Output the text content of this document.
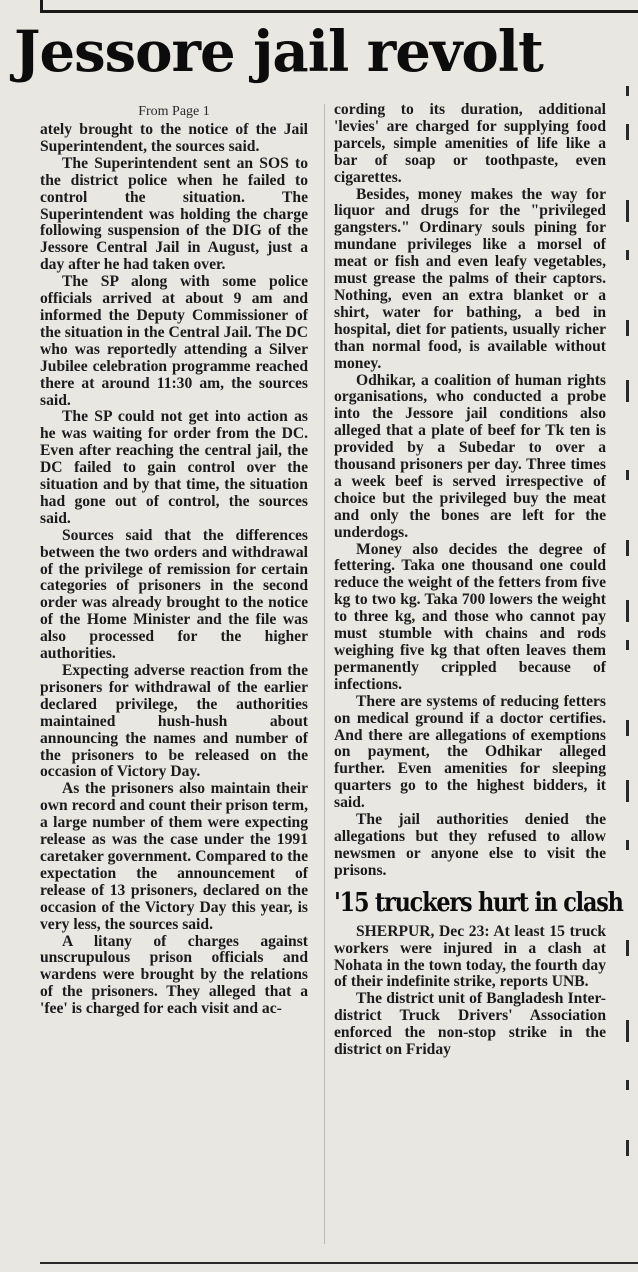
Jessore jail revolt
From Page 1

ately brought to the notice of the Jail Superintendent, the sources said.

The Superintendent sent an SOS to the district police when he failed to control the situation. The Superintendent was holding the charge following suspension of the DIG of the Jessore Central Jail in August, just a day after he had taken over.

The SP along with some police officials arrived at about 9 am and informed the Deputy Commissioner of the situation in the Central Jail. The DC who was reportedly attending a Silver Jubilee celebration programme reached there at around 11:30 am, the sources said.

The SP could not get into action as he was waiting for order from the DC. Even after reaching the central jail, the DC failed to gain control over the situation and by that time, the situation had gone out of control, the sources said.

Sources said that the differences between the two orders and withdrawal of the privilege of remission for certain categories of prisoners in the second order was already brought to the notice of the Home Minister and the file was also processed for the higher authorities.

Expecting adverse reaction from the prisoners for withdrawal of the earlier declared privilege, the authorities maintained hush-hush about announcing the names and number of the prisoners to be released on the occasion of Victory Day.

As the prisoners also maintain their own record and count their prison term, a large number of them were expecting release as was the case under the 1991 caretaker government. Compared to the expectation the announcement of release of 13 prisoners, declared on the occasion of the Victory Day this year, is very less, the sources said.

A litany of charges against unscrupulous prison officials and wardens were brought by the relations of the prisoners. They alleged that a 'fee' is charged for each visit and ac-

cording to its duration, additional 'levies' are charged for supplying food parcels, simple amenities of life like a bar of soap or toothpaste, even cigarettes.

Besides, money makes the way for liquor and drugs for the "privileged gangsters." Ordinary souls pining for mundane privileges like a morsel of meat or fish and even leafy vegetables, must grease the palms of their captors. Nothing, even an extra blanket or a shirt, water for bathing, a bed in hospital, diet for patients, usually richer than normal food, is available without money.

Odhikar, a coalition of human rights organisations, who conducted a probe into the Jessore jail conditions also alleged that a plate of beef for Tk ten is provided by a Subedar to over a thousand prisoners per day. Three times a week beef is served irrespective of choice but the privileged buy the meat and only the bones are left for the underdogs.

Money also decides the degree of fettering. Taka one thousand one could reduce the weight of the fetters from five kg to two kg. Taka 700 lowers the weight to three kg, and those who cannot pay must stumble with chains and rods weighing five kg that often leaves them permanently crippled because of infections.

There are systems of reducing fetters on medical ground if a doctor certifies. And there are allegations of exemptions on payment, the Odhikar alleged further. Even amenities for sleeping quarters go to the highest bidders, it said.

The jail authorities denied the allegations but they refused to allow newsmen or anyone else to visit the prisons.

'15 truckers hurt in clash

SHERPUR, Dec 23: At least 15 truck workers were injured in a clash at Nohata in the town today, the fourth day of their indefinite strike, reports UNB.

The district unit of Bangladesh Inter-district Truck Drivers' Association enforced the non-stop strike in the district on Friday
